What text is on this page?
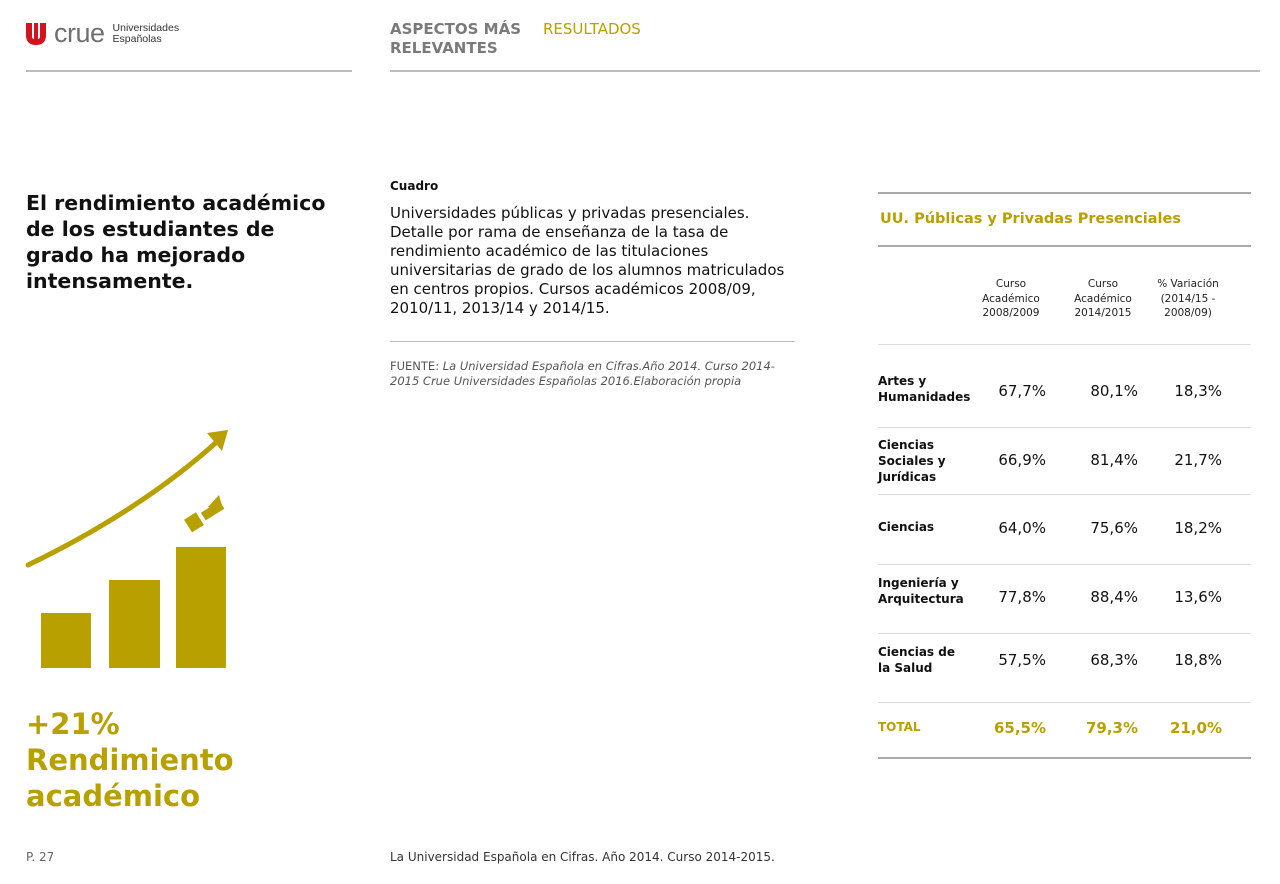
crue Universidades
Españolas
ASPECTOS MÁS RELEVANTES
RESULTADOS
El rendimiento académico de los estudiantes de grado ha mejorado intensamente.
+21%
Rendimiento
académico
Cuadro
Universidades públicas y privadas presenciales. Detalle por rama de enseñanza de la tasa de rendimiento académico de las titulaciones universitarias de grado de los alumnos matriculados en centros propios. Cursos académicos 2008/09, 2010/11, 2013/14 y 2014/15.
FUENTE: La Universidad Española en Cifras.Año 2014. Curso 2014-2015 Crue Universidades Españolas 2016.Elaboración propia
UU. Públicas y Privadas Presenciales
Curso
Académico
2008/2009
Curso
Académico
2014/2015
% Variación
(2014/15 -
2008/09)
Artes y
Humanidades 67,7%	80,1% 18,3%
Ciencias
Sociales y
Jurídicas
66,9%	81,4% 21,7%
Ciencias	64,0%	75,6% 18,2%
Ingeniería y
Arquitectura 77,8%	88,4% 13,6%
Ciencias de
la Salud	57,5%	68,3% 18,8%
TOTAL	65,5%	79,3% 21,0%
P. 27	La Universidad Española en Cifras. Año 2014. Curso 2014-2015.
